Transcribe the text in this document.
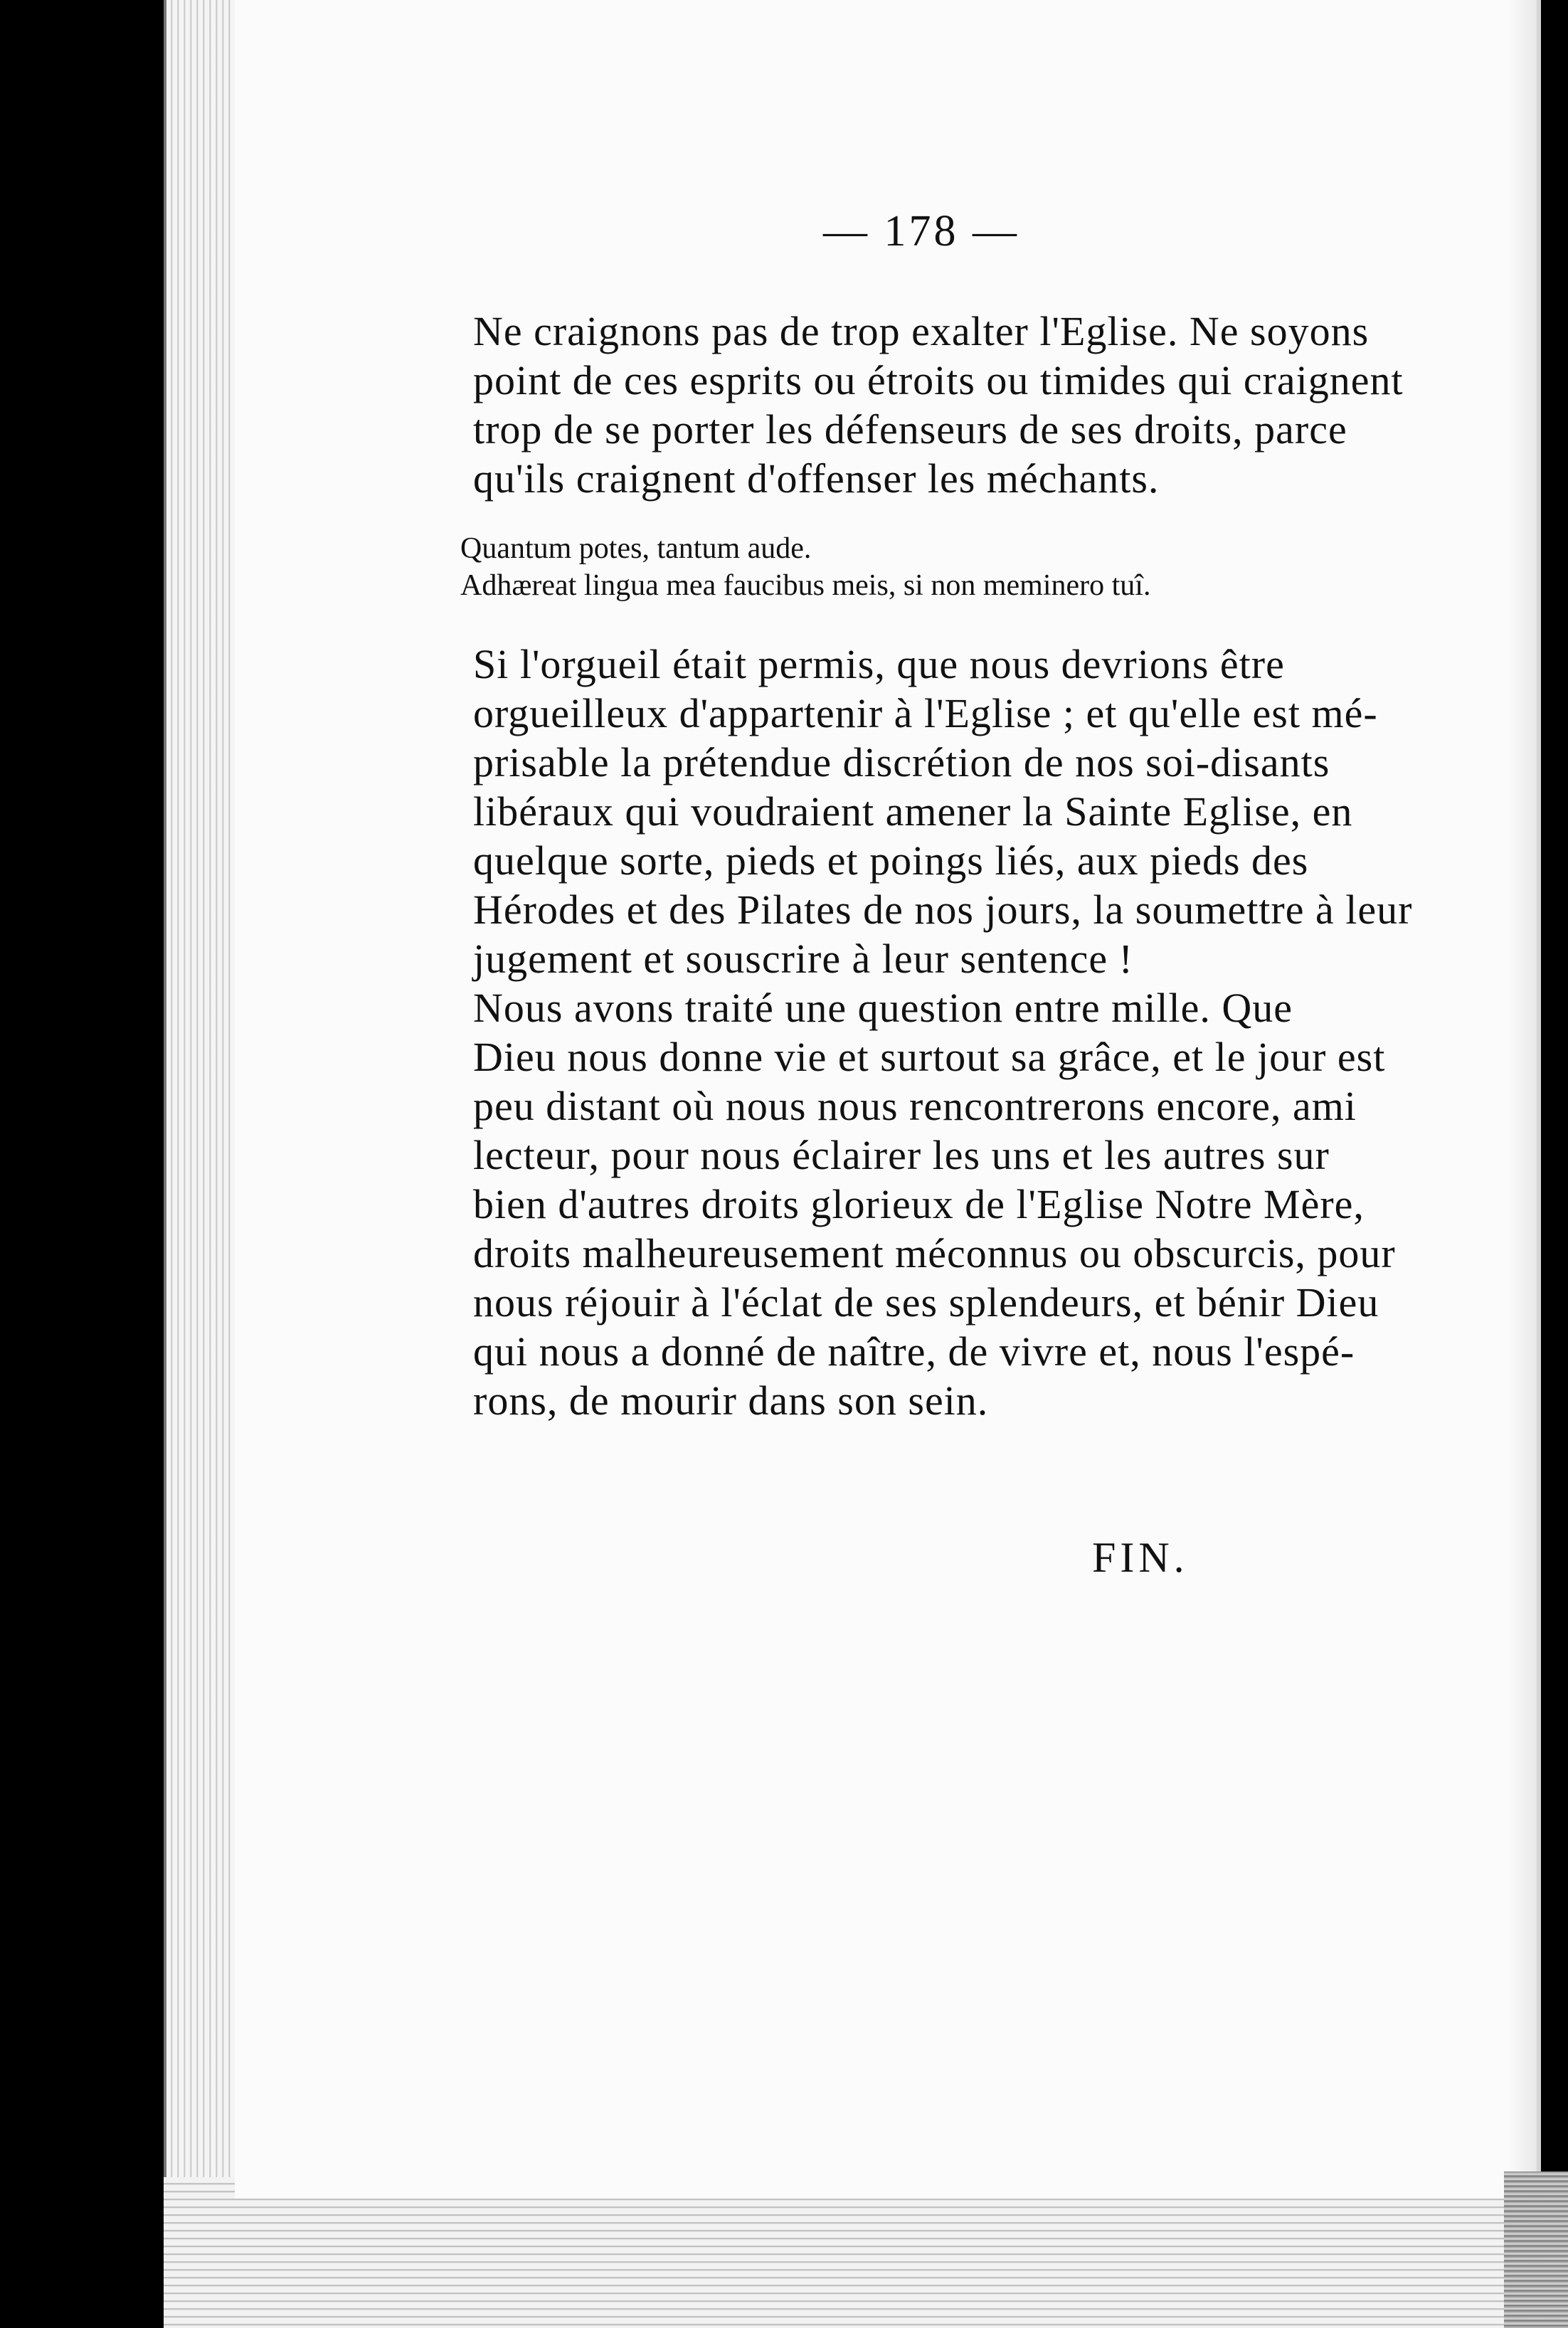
— 178 —

Ne craignons pas de trop exalter l'Eglise. Ne soyons
point de ces esprits ou étroits ou timides qui craignent
trop de se porter les défenseurs de ses droits, parce
qu'ils craignent d'offenser les méchants.

Quantum potes, tantum aude.
Adhæreat lingua mea faucibus meis, si non meminero tuî.

Si l'orgueil était permis, que nous devrions être
orgueilleux d'appartenir à l'Eglise ; et qu'elle est mé-
prisable la prétendue discrétion de nos soi-disants
libéraux qui voudraient amener la Sainte Eglise, en
quelque sorte, pieds et poings liés, aux pieds des
Hérodes et des Pilates de nos jours, la soumettre à leur
jugement et souscrire à leur sentence !

Nous avons traité une question entre mille. Que
Dieu nous donne vie et surtout sa grâce, et le jour est
peu distant où nous nous rencontrerons encore, ami
lecteur, pour nous éclairer les uns et les autres sur
bien d'autres droits glorieux de l'Eglise Notre Mère,
droits malheureusement méconnus ou obscurcis, pour
nous réjouir à l'éclat de ses splendeurs, et bénir Dieu
qui nous a donné de naître, de vivre et, nous l'espé-
rons, de mourir dans son sein.

FIN.
